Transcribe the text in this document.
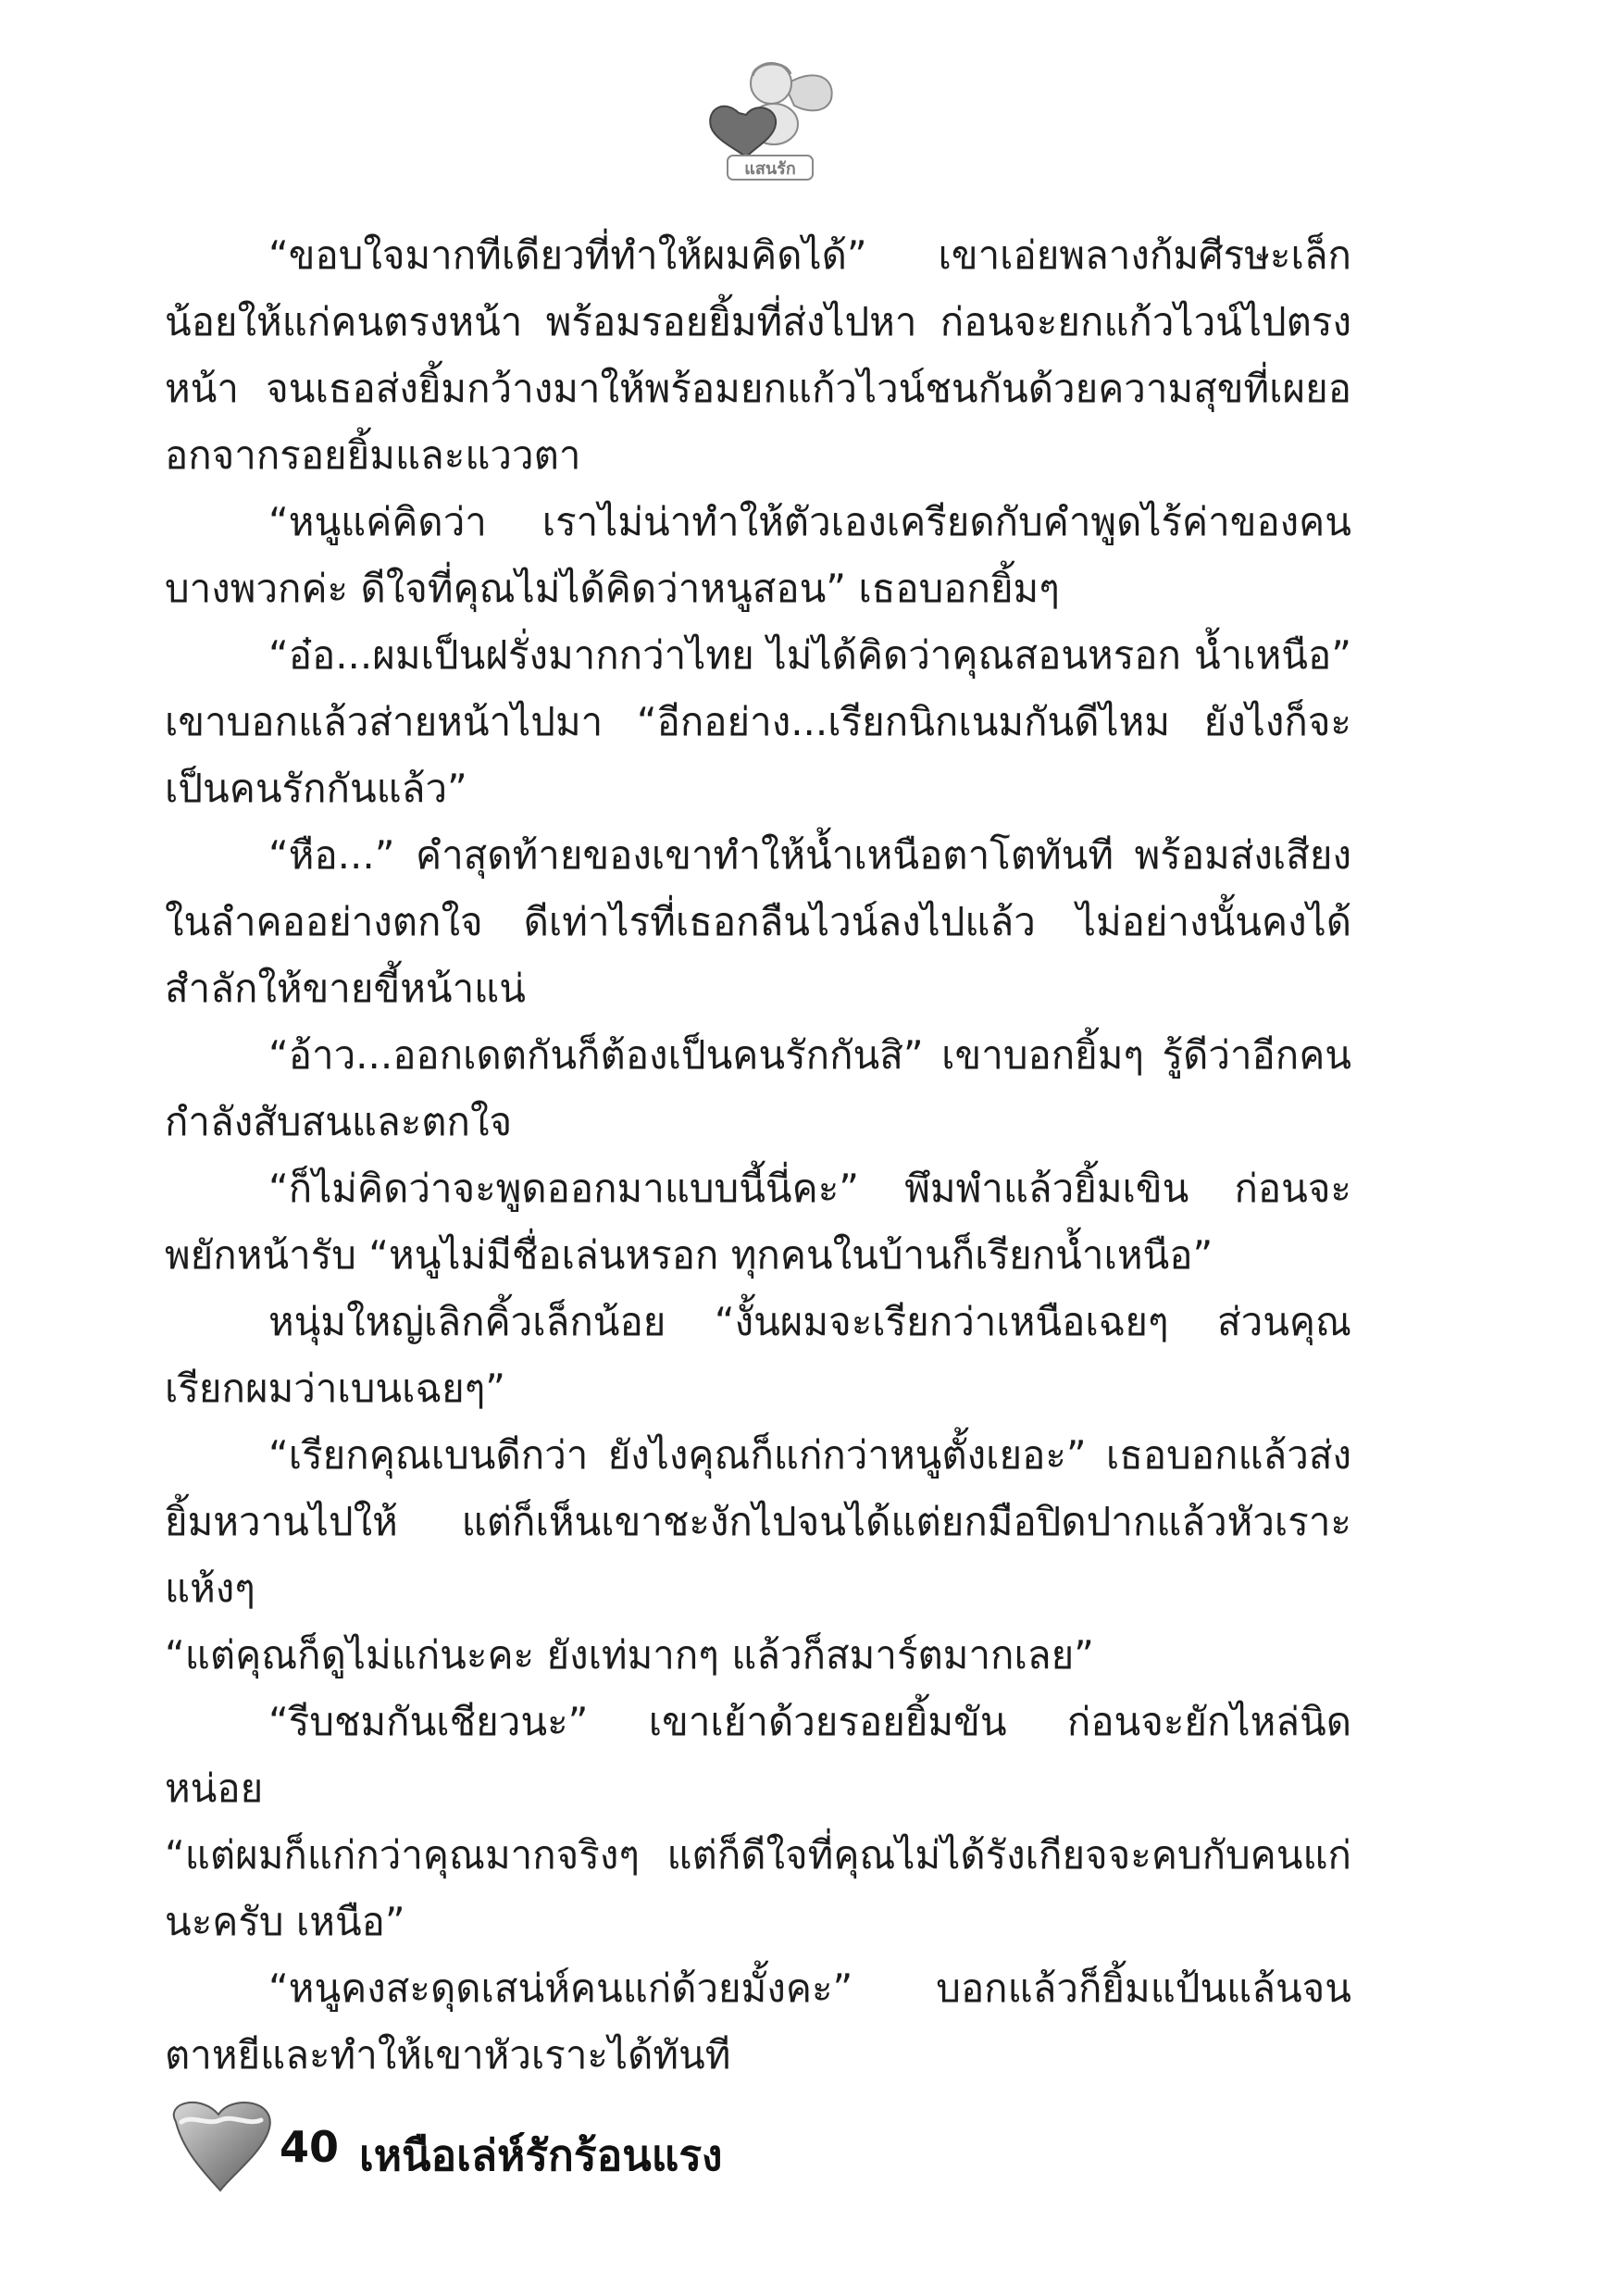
แสนรัก

“ขอบใจมากทีเดียวที่ทำให้ผมคิดได้” เขาเอ่ยพลางก้มศีรษะเล็กน้อยให้แก่คนตรงหน้า พร้อมรอยยิ้มที่ส่งไปหา ก่อนจะยกแก้วไวน์ไปตรงหน้า จนเธอส่งยิ้มกว้างมาให้พร้อมยกแก้วไวน์ชนกันด้วยความสุขที่เผยออกจากรอยยิ้มและแววตา

“หนูแค่คิดว่า เราไม่น่าทำให้ตัวเองเครียดกับคำพูดไร้ค่าของคนบางพวกค่ะ ดีใจที่คุณไม่ได้คิดว่าหนูสอน” เธอบอกยิ้มๆ

“อ๋อ...ผมเป็นฝรั่งมากกว่าไทย ไม่ได้คิดว่าคุณสอนหรอก น้ำเหนือ” เขาบอกแล้วส่ายหน้าไปมา “อีกอย่าง...เรียกนิกเนมกันดีไหม ยังไงก็จะเป็นคนรักกันแล้ว”

“หือ...” คำสุดท้ายของเขาทำให้น้ำเหนือตาโตทันที พร้อมส่งเสียงในลำคออย่างตกใจ ดีเท่าไรที่เธอกลืนไวน์ลงไปแล้ว ไม่อย่างนั้นคงได้สำลักให้ขายขี้หน้าแน่

“อ้าว...ออกเดตกันก็ต้องเป็นคนรักกันสิ” เขาบอกยิ้มๆ รู้ดีว่าอีกคนกำลังสับสนและตกใจ

“ก็ไม่คิดว่าจะพูดออกมาแบบนี้นี่คะ” พึมพำแล้วยิ้มเขิน ก่อนจะพยักหน้ารับ “หนูไม่มีชื่อเล่นหรอก ทุกคนในบ้านก็เรียกน้ำเหนือ”

หนุ่มใหญ่เลิกคิ้วเล็กน้อย “งั้นผมจะเรียกว่าเหนือเฉยๆ ส่วนคุณเรียกผมว่าเบนเฉยๆ”

“เรียกคุณเบนดีกว่า ยังไงคุณก็แก่กว่าหนูตั้งเยอะ” เธอบอกแล้วส่งยิ้มหวานไปให้ แต่ก็เห็นเขาชะงักไปจนได้แต่ยกมือปิดปากแล้วหัวเราะแห้งๆ

“แต่คุณก็ดูไม่แก่นะคะ ยังเท่มากๆ แล้วก็สมาร์ตมากเลย”

“รีบชมกันเชียวนะ” เขาเย้าด้วยรอยยิ้มขัน ก่อนจะยักไหล่นิดหน่อย

“แต่ผมก็แก่กว่าคุณมากจริงๆ แต่ก็ดีใจที่คุณไม่ได้รังเกียจจะคบกับคนแก่นะครับ เหนือ”

“หนูคงสะดุดเสน่ห์คนแก่ด้วยมั้งคะ” บอกแล้วก็ยิ้มแป้นแล้นจนตาหยีและทำให้เขาหัวเราะได้ทันที

40 เหนือเล่ห์รักร้อนแรง
